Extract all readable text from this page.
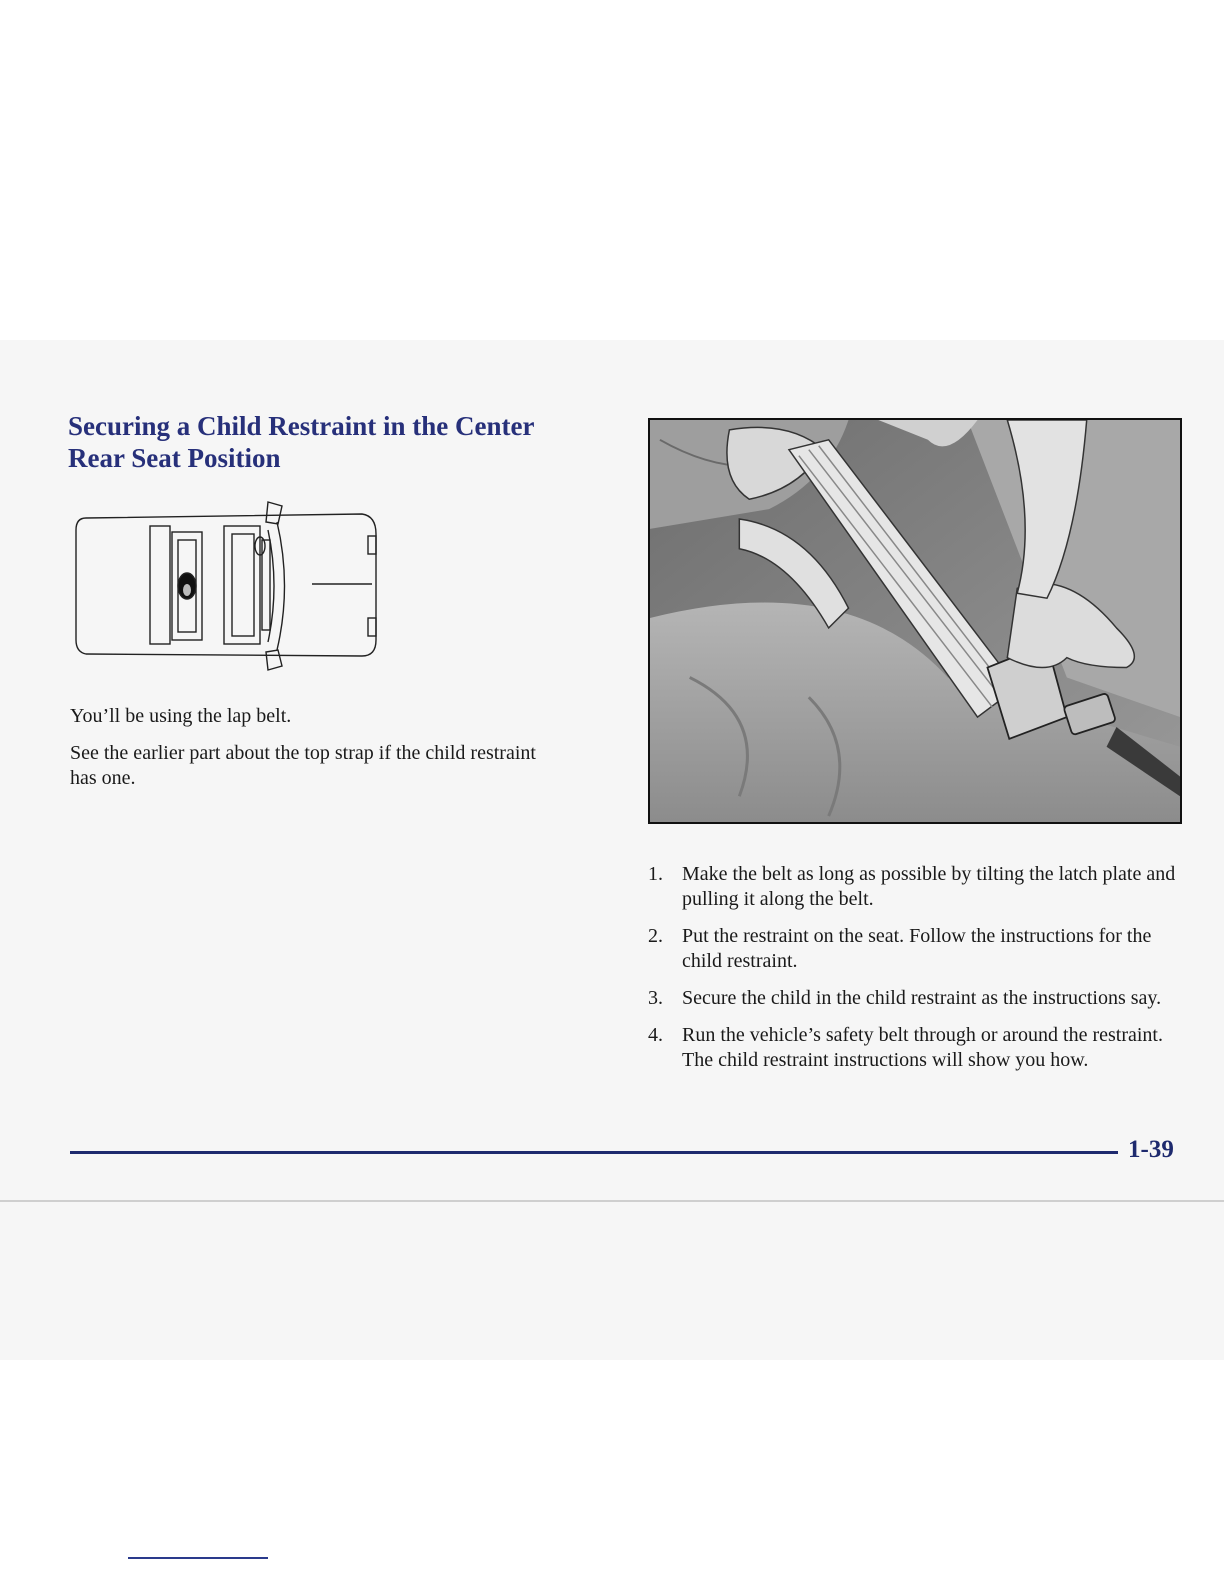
Securing a Child Restraint in the Center Rear Seat Position

You’ll be using the lap belt.

See the earlier part about the top strap if the child restraint has one.

1. Make the belt as long as possible by tilting the latch plate and pulling it along the belt.
2. Put the restraint on the seat. Follow the instructions for the child restraint.
3. Secure the child in the child restraint as the instructions say.
4. Run the vehicle’s safety belt through or around the restraint. The child restraint instructions will show you how.
1-39
